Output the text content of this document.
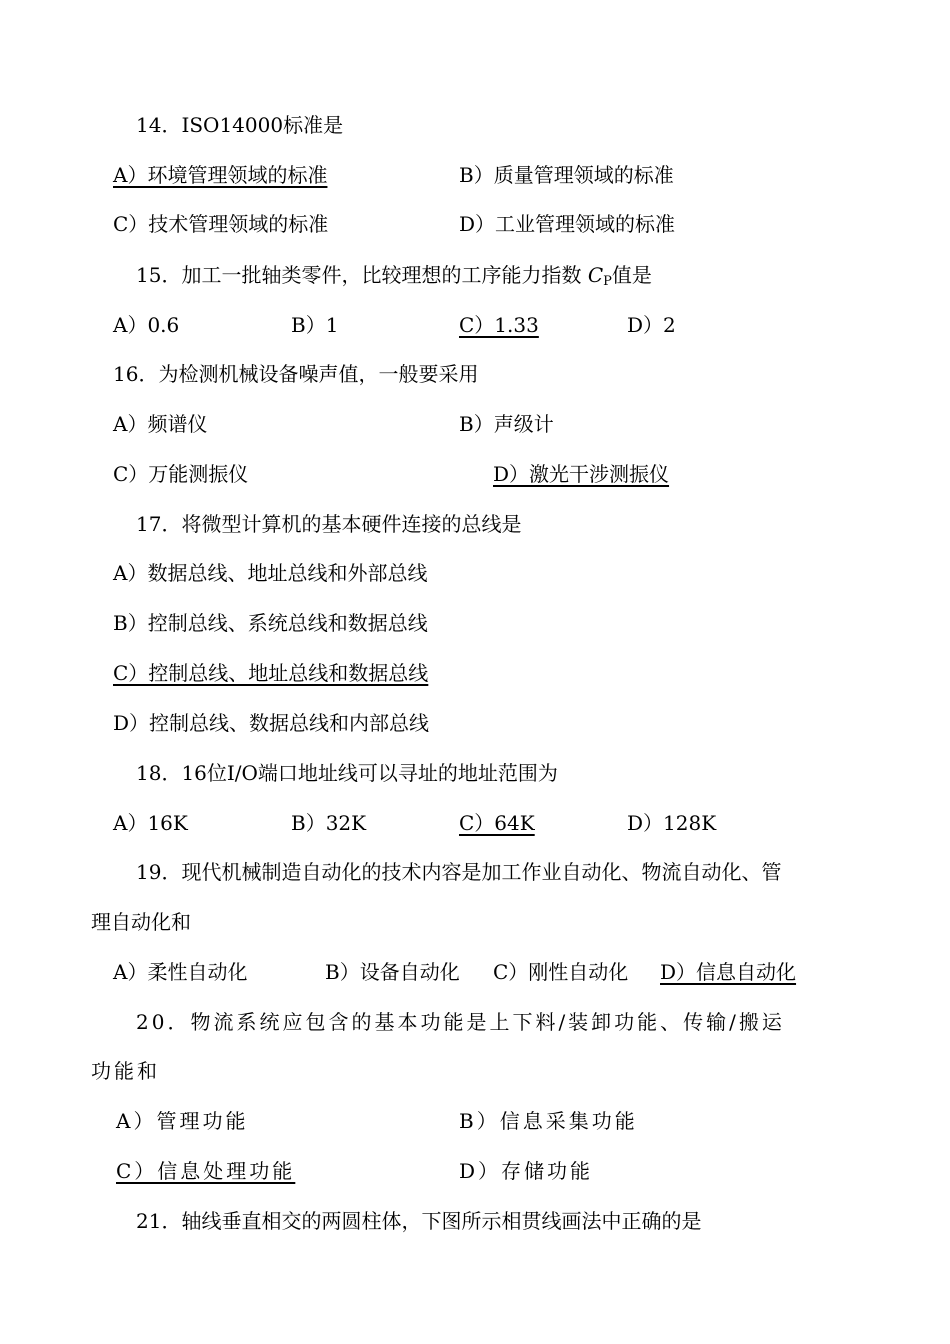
14．ISO14000标准是
A）环境管理领域的标准	B）质量管理领域的标准
C）技术管理领域的标准	D）工业管理领域的标准
15．加工一批轴类零件，比较理想的工序能力指数 CP值是
A）0.6	B）1	C）1.33	D）2
16．为检测机械设备噪声值，一般要采用
A）频谱仪	B）声级计
C）万能测振仪	D）激光干涉测振仪
17．将微型计算机的基本硬件连接的总线是
A）数据总线、地址总线和外部总线
B）控制总线、系统总线和数据总线
C）控制总线、地址总线和数据总线
D）控制总线、数据总线和内部总线
18．16位I/O端口地址线可以寻址的地址范围为
A）16K	B）32K	C）64K	D）128K
19．现代机械制造自动化的技术内容是加工作业自动化、物流自动化、管
理自动化和
A）柔性自动化	B）设备自动化 C）刚性自动化 D）信息自动化
20．物流系统应包含的基本功能是上下料/装卸功能、传输/搬运
功能和
A）管理功能	B）信息采集功能
C）信息处理功能	D）存储功能
21．轴线垂直相交的两圆柱体，下图所示相贯线画法中正确的是
